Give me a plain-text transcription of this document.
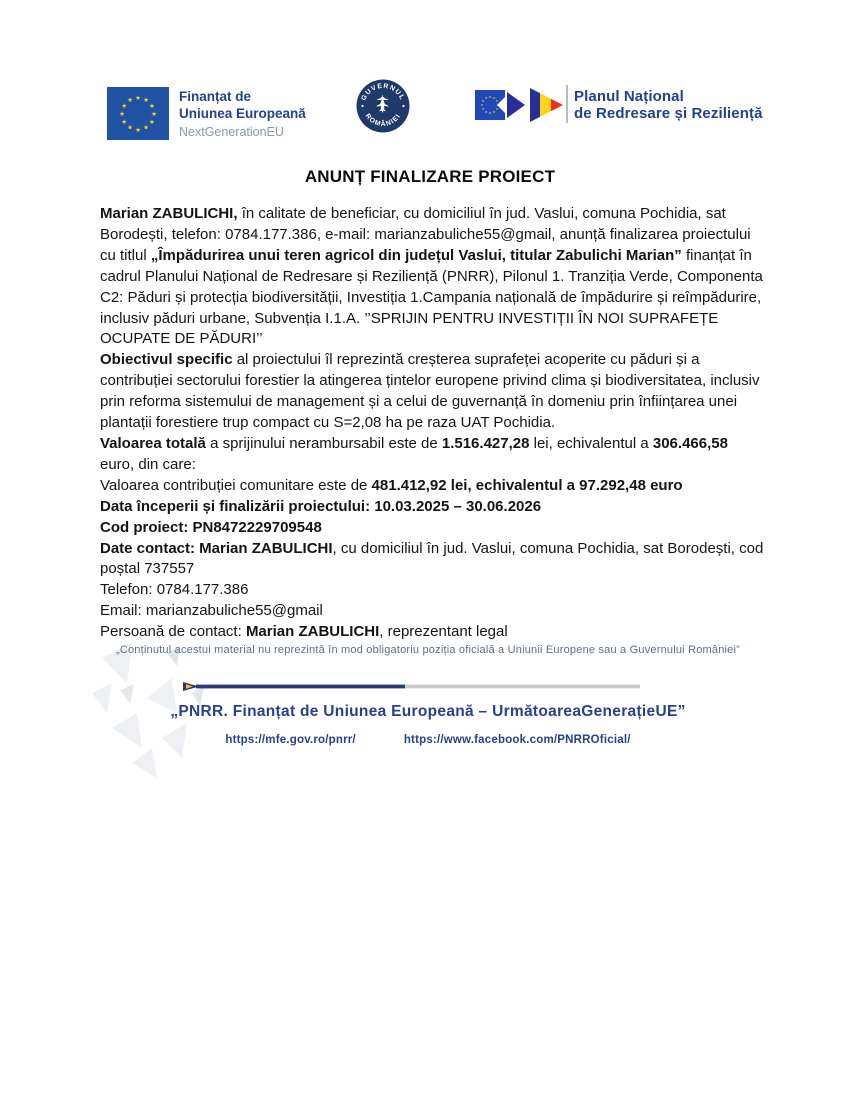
★ ★
★
★
★
★
★
★
★
★
★
★	Finanțat de
Uniunea Europeană
NextGenerationEU
GUVERNUL
ROMÂNIEI
★ ★
★
★
★
★
★
★
★
★
★	Planul Național
de Redresare și Reziliență
ANUNȚ FINALIZARE PROIECT

Marian ZABULICHI, în calitate de beneficiar, cu domiciliul în jud. Vaslui, comuna Pochidia, sat Borodești, telefon: 0784.177.386, e-mail: marianzabuliche55@gmail, anunță finalizarea proiectului cu titlul „Împădurirea unui teren agricol din județul Vaslui, titular Zabulichi Marian” finanțat în cadrul Planului Național de Redresare și Reziliență (PNRR), Pilonul 1. Tranziția Verde, Componenta C2: Păduri și protecția biodiversității, Investiția 1.Campania națională de împădurire și reîmpădurire, inclusiv păduri urbane, Subvenția I.1.A. ’’SPRIJIN PENTRU INVESTIȚII ÎN NOI SUPRAFEȚE OCUPATE DE PĂDURI’’

Obiectivul specific al proiectului îl reprezintă creșterea suprafeței acoperite cu păduri și a contribuției sectorului forestier la atingerea țintelor europene privind clima și biodiversitatea, inclusiv prin reforma sistemului de management și a celui de guvernanță în domeniu prin înființarea unei plantații forestiere trup compact cu S=2,08 ha pe raza UAT Pochidia.

Valoarea totală a sprijinului nerambursabil este de 1.516.427,28 lei, echivalentul a 306.466,58 euro, din care:

Valoarea contribuției comunitare este de 481.412,92 lei, echivalentul a 97.292,48 euro

Data începerii și finalizării proiectului: 10.03.2025 – 30.06.2026

Cod proiect: PN8472229709548

Date contact: Marian ZABULICHI, cu domiciliul în jud. Vaslui, comuna Pochidia, sat Borodești, cod poștal 737557

Telefon: 0784.177.386

Email: marianzabuliche55@gmail

Persoană de contact: Marian ZABULICHI, reprezentant legal

„Conținutul acestui material nu reprezintă în mod obligatoriu poziția oficială a Uniunii Europene sau a Guvernului României”
„PNRR. Finanțat de Uniunea Europeană – UrmătoareaGenerațieUE”
https://mfe.gov.ro/pnrr/	https://www.facebook.com/PNRROficial/
